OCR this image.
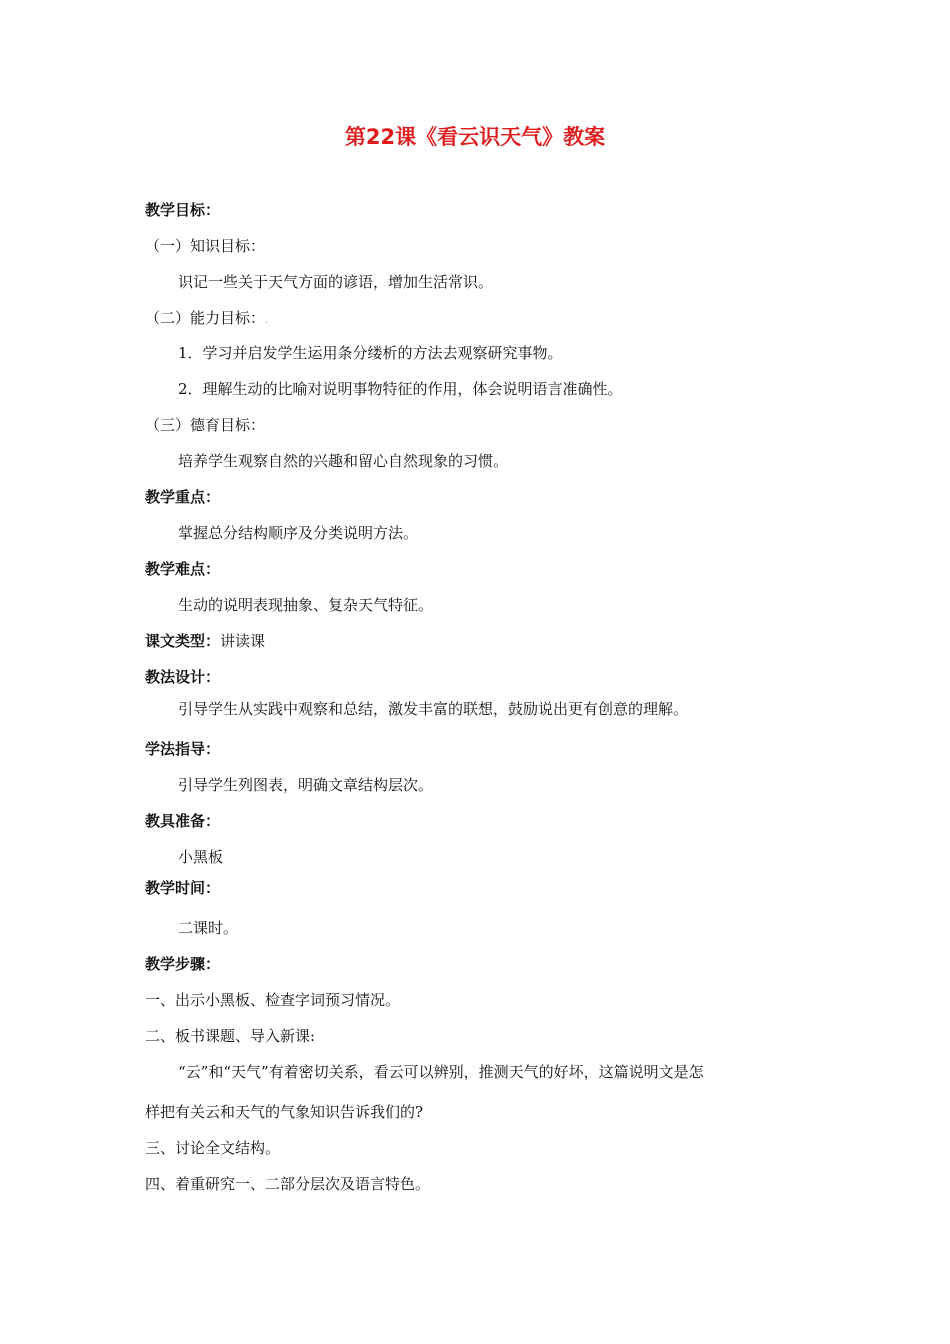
第22课《看云识天气》教案
教学目标：
（一）知识目标：
识记一些关于天气方面的谚语，增加生活常识。
（二）能力目标：.
1．学习并启发学生运用条分缕析的方法去观察研究事物。
2．理解生动的比喻对说明事物特征的作用，体会说明语言准确性。
（三）德育目标：
培养学生观察自然的兴趣和留心自然现象的习惯。
教学重点：
掌握总分结构顺序及分类说明方法。
教学难点：
生动的说明表现抽象、复杂天气特征。
课文类型：讲读课
教法设计：
引导学生从实践中观察和总结，激发丰富的联想，鼓励说出更有创意的理解。
学法指导：
引导学生列图表，明确文章结构层次。
教具准备：
小黑板
教学时间：
二课时。
教学步骤：
一、出示小黑板、检查字词预习情况。
二、板书课题、导入新课:
“云”和“天气”有着密切关系，看云可以辨别，推测天气的好坏，这篇说明文是怎
样把有关云和天气的气象知识告诉我们的?
三、讨论全文结构。
四、着重研究一、二部分层次及语言特色。
